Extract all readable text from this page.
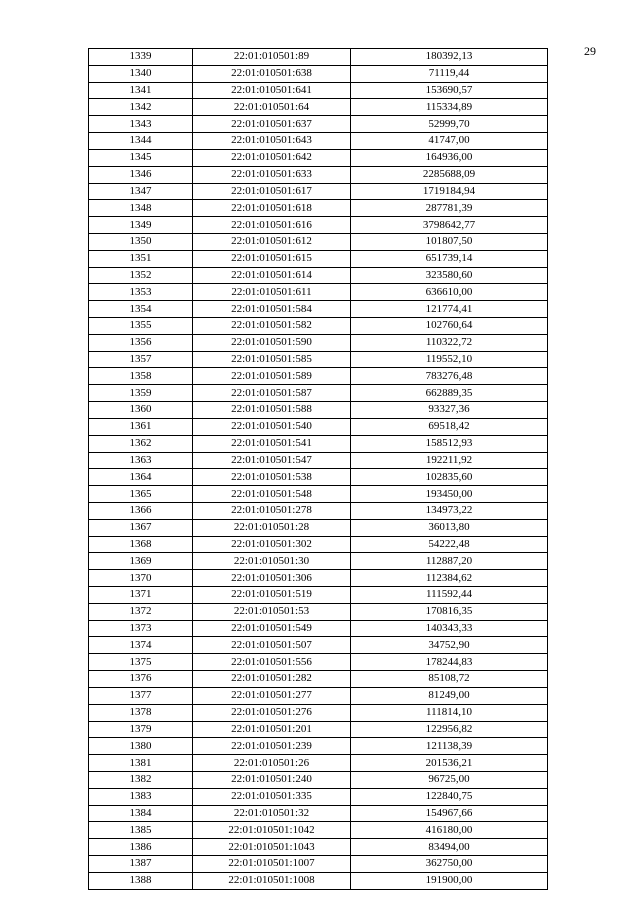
29
1339	22:01:010501:89	180392,13
1340	22:01:010501:638	71119,44
1341	22:01:010501:641	153690,57
1342	22:01:010501:64	115334,89
1343	22:01:010501:637	52999,70
1344	22:01:010501:643	41747,00
1345	22:01:010501:642	164936,00
1346	22:01:010501:633	2285688,09
1347	22:01:010501:617	1719184,94
1348	22:01:010501:618	287781,39
1349	22:01:010501:616	3798642,77
1350	22:01:010501:612	101807,50
1351	22:01:010501:615	651739,14
1352	22:01:010501:614	323580,60
1353	22:01:010501:611	636610,00
1354	22:01:010501:584	121774,41
1355	22:01:010501:582	102760,64
1356	22:01:010501:590	110322,72
1357	22:01:010501:585	119552,10
1358	22:01:010501:589	783276,48
1359	22:01:010501:587	662889,35
1360	22:01:010501:588	93327,36
1361	22:01:010501:540	69518,42
1362	22:01:010501:541	158512,93
1363	22:01:010501:547	192211,92
1364	22:01:010501:538	102835,60
1365	22:01:010501:548	193450,00
1366	22:01:010501:278	134973,22
1367	22:01:010501:28	36013,80
1368	22:01:010501:302	54222,48
1369	22:01:010501:30	112887,20
1370	22:01:010501:306	112384,62
1371	22:01:010501:519	111592,44
1372	22:01:010501:53	170816,35
1373	22:01:010501:549	140343,33
1374	22:01:010501:507	34752,90
1375	22:01:010501:556	178244,83
1376	22:01:010501:282	85108,72
1377	22:01:010501:277	81249,00
1378	22:01:010501:276	111814,10
1379	22:01:010501:201	122956,82
1380	22:01:010501:239	121138,39
1381	22:01:010501:26	201536,21
1382	22:01:010501:240	96725,00
1383	22:01:010501:335	122840,75
1384	22:01:010501:32	154967,66
1385	22:01:010501:1042	416180,00
1386	22:01:010501:1043	83494,00
1387	22:01:010501:1007	362750,00
1388	22:01:010501:1008	191900,00
